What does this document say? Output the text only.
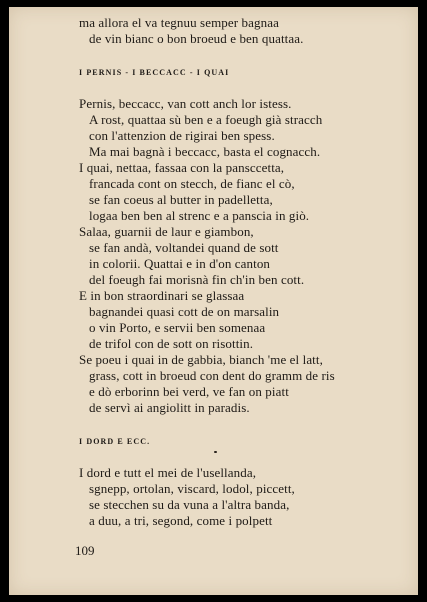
ma allora el va tegnuu semper bagnaa
de vin bianc o bon broeud e ben quattaa.
I PERNIS - I BECCACC - I QUAI
Pernis, beccacc, van cott anch lor istess.
A rost, quattaa sù ben e a foeugh già stracch
con l'attenzion de rigirai ben spess.
Ma mai bagnà i beccacc, basta el cognacch.
I quai, nettaa, fassaa con la pansccetta,
francada cont on stecch, de fianc el cò,
se fan coeus al butter in padelletta,
logaa ben ben al strenc e a panscia in giò.
Salaa, guarnii de laur e giambon,
se fan andà, voltandei quand de sott
in colorii. Quattai e in d'on canton
del foeugh fai morisnà fin ch'in ben cott.
E in bon straordinari se glassaa
bagnandei quasi cott de on marsalin
o vin Porto, e servii ben somenaa
de trifol con de sott on risottin.
Se poeu i quai in de gabbia, bianch 'me el latt,
grass, cott in broeud con dent do gramm de ris
e dò erborinn bei verd, ve fan on piatt
de servì ai angiolitt in paradis.
I DORD E ECC.
I dord e tutt el mei de l'usellanda,
sgnepp, ortolan, viscard, lodol, piccett,
se stecchen su da vuna a l'altra banda,
a duu, a tri, segond, come i polpett
109
